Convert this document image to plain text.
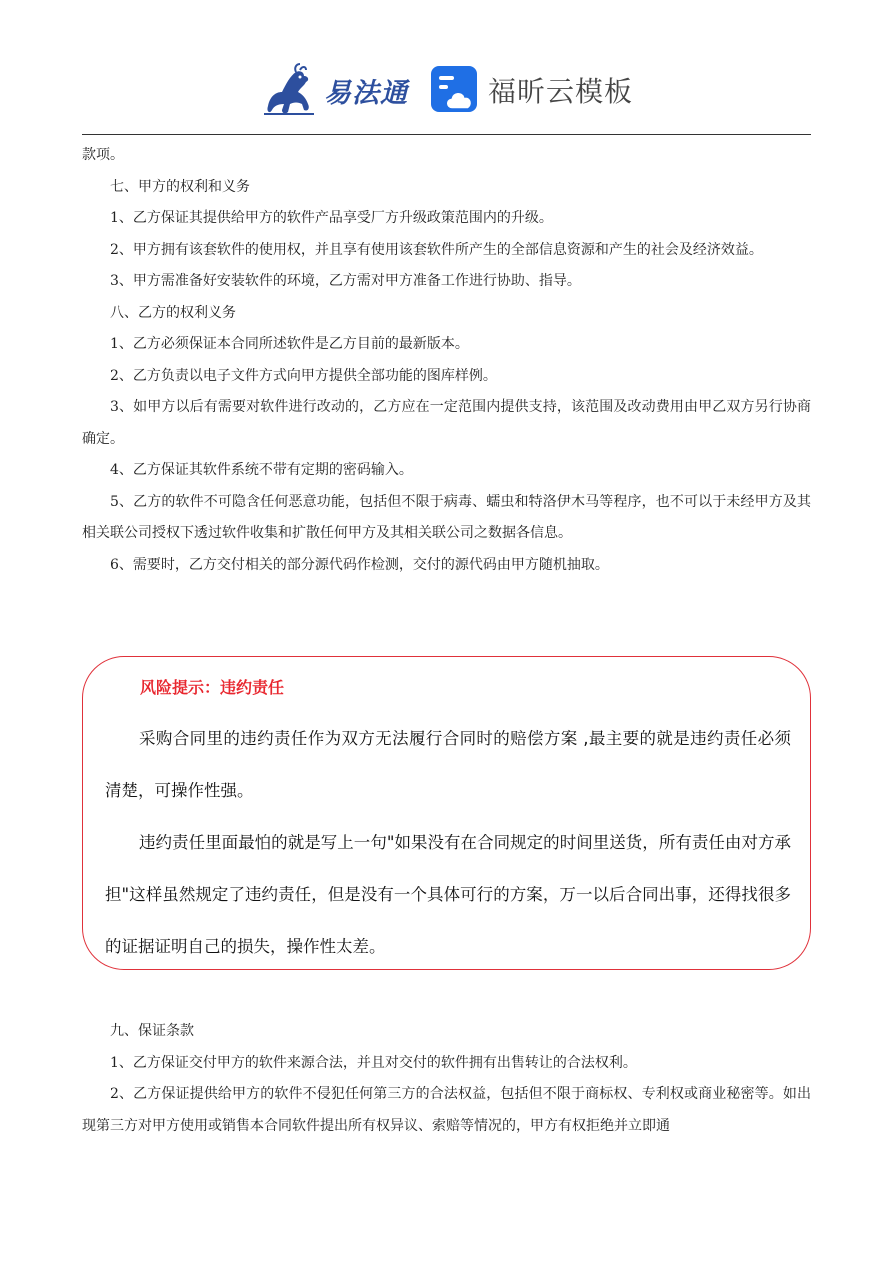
易法通	福昕云模板

款项。

七、甲方的权利和义务

1、乙方保证其提供给甲方的软件产品享受厂方升级政策范围内的升级。

2、甲方拥有该套软件的使用权，并且享有使用该套软件所产生的全部信息资源和产生的社会及经济效益。

3、甲方需准备好安装软件的环境，乙方需对甲方准备工作进行协助、指导。

八、乙方的权利义务

1、乙方必须保证本合同所述软件是乙方目前的最新版本。

2、乙方负责以电子文件方式向甲方提供全部功能的图库样例。

3、如甲方以后有需要对软件进行改动的，乙方应在一定范围内提供支持，该范围及改动费用由甲乙双方另行协商确定。

4、乙方保证其软件系统不带有定期的密码输入。

5、乙方的软件不可隐含任何恶意功能，包括但不限于病毒、蠕虫和特洛伊木马等程序，也不可以于未经甲方及其相关联公司授权下透过软件收集和扩散任何甲方及其相关联公司之数据各信息。

6、需要时，乙方交付相关的部分源代码作检测，交付的源代码由甲方随机抽取。

风险提示：违约责任

采购合同里的违约责任作为双方无法履行合同时的赔偿方案 ,最主要的就是违约责任必须清楚，可操作性强。

违约责任里面最怕的就是写上一句"如果没有在合同规定的时间里送货，所有责任由对方承担"这样虽然规定了违约责任，但是没有一个具体可行的方案，万一以后合同出事，还得找很多的证据证明自己的损失，操作性太差。

九、保证条款

1、乙方保证交付甲方的软件来源合法，并且对交付的软件拥有出售转让的合法权利。

2、乙方保证提供给甲方的软件不侵犯任何第三方的合法权益，包括但不限于商标权、专利权或商业秘密等。如出现第三方对甲方使用或销售本合同软件提出所有权异议、索赔等情况的，甲方有权拒绝并立即通
